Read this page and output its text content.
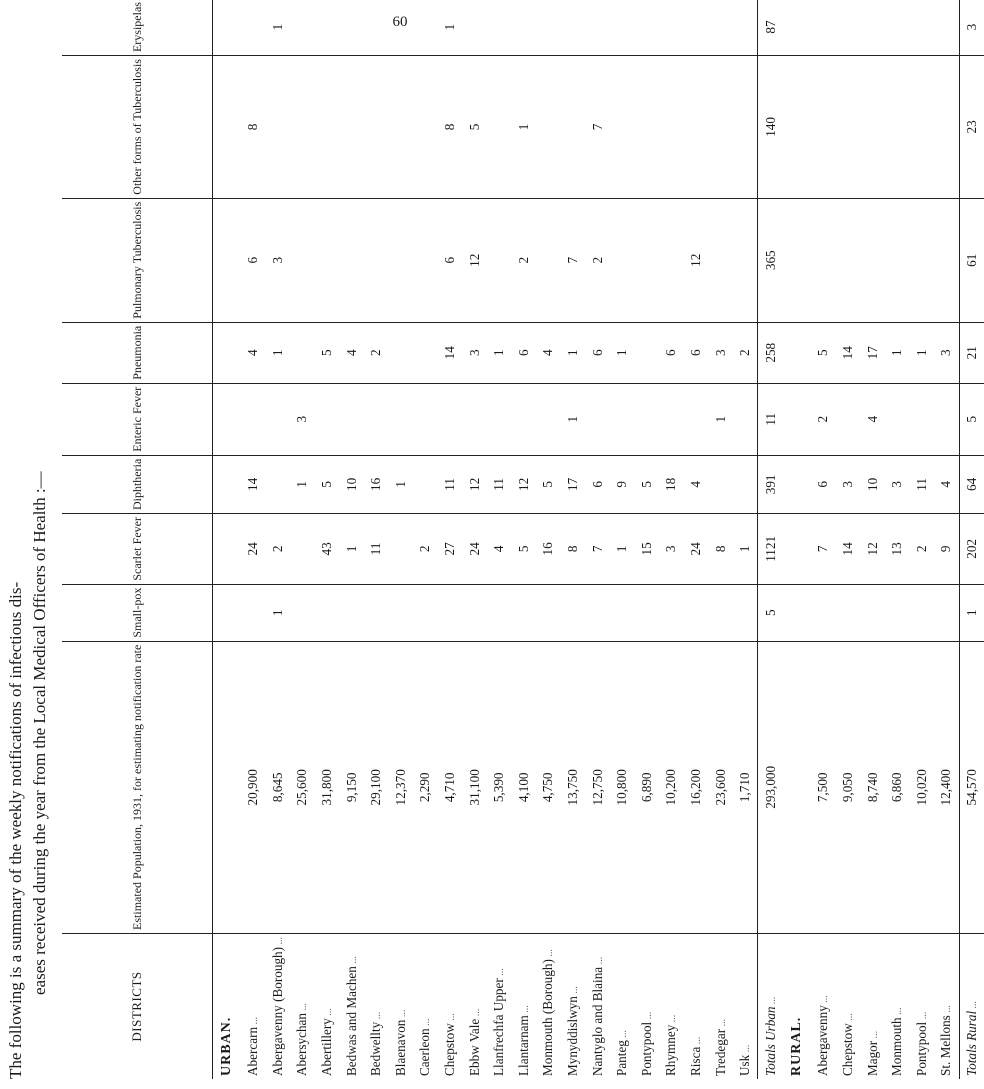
60
The following is a summary of the weekly notifications of infectious dis- eases received during the year from the Local Medical Officers of Health :—
DISTRICTS	Estimated Population, 1931, for estimating notification rate	Small-pox	Scarlet Fever	Diphtheria	Enteric Fever	Pneumonia	Pulmonary Tuberculosis	Other forms of Tuberculosis	Erysipelas							
URBAN.																
Abercarn ...	20,900		24	14		4	6	8							
Abergavenny (Borough) ...	8,645	1	2			1	3		1						
Abersychan ...	25,600			1	3										
Abertillery ...	31,800		43	5		5										
Bedwas and Machen ...	9,150		1	10		4									
Bedwellty ...	29,100		11	16		2										
Blaenavon ...	12,370			1											
Caerleon ...	2,290		2													
Chepstow ...	4,710		27	11		14	6	8	1						
Ebbw Vale ...	31,100		24	12		3	12	5							
Llanfrechfa Upper ...	5,390		4	11		1										
Llantarnam ...	4,100		5	12		6	2	1							
Monmouth (Borough) ...	4,750		16	5		4										
Mynyddislwyn ...	13,750		8	17	1	1	7									
Nantyglo and Blaina ...	12,750		7	6		6	2	7								
Panteg ...	10,800		1	9		1										
Pontypool ...	6,890		15	5												
Rhymney ...	10,200		3	18		6										
Risca ...	16,200		24	4		6	12									
Tredegar ...	23,600		8		1	3										
Usk ...	1,710		1			2										
Totals Urban ...	293,000	5	1121	391	11	258	365	140	87						
RURAL.																
Abergavenny ...	7,500		7	6	2	5									
Chepstow ...	9,050		14	3		14										
Magor ...	8,740		12	10	4	17									
Monmouth ...	6,860		13	3		1										
Pontypool ...	10,020		2	11		1										
St. Mellons ...	12,400		9	4		3										
Totals Rural ...	54,570	1	202	64	5	21	61	23	3						
